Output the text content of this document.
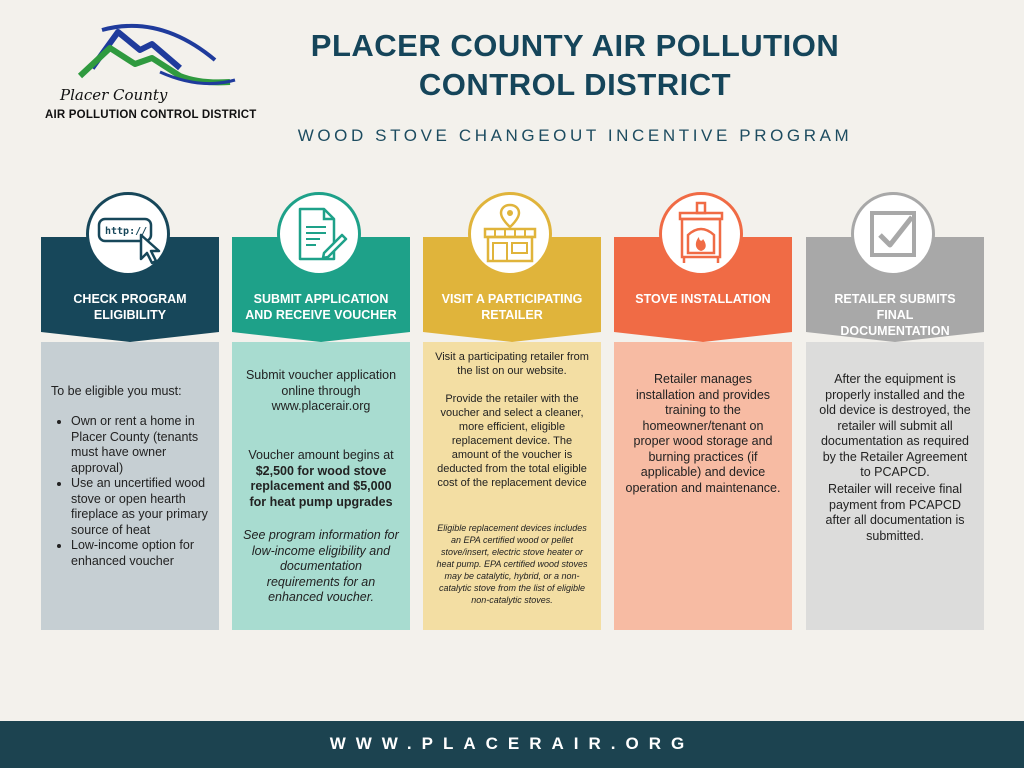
Placer County
AIR POLLUTION CONTROL DISTRICT
PLACER COUNTY AIR POLLUTION
CONTROL DISTRICT
WOOD STOVE CHANGEOUT INCENTIVE PROGRAM
To be eligible you must:
• Own or rent a home in Placer County (tenants must have owner approval)
• Use an uncertified wood stove or open hearth fireplace as your primary source of heat
• Low-income option for enhanced voucher
CHECK PROGRAM
ELIGIBILITY
http://
Submit voucher application online through www.placerair.org
Voucher amount begins at $2,500 for wood stove replacement and $5,000 for heat pump upgrades
See program information for low-income eligibility and documentation requirements for an enhanced voucher.
SUBMIT APPLICATION
AND RECEIVE VOUCHER
Visit a participating retailer from the list on our website.
Provide the retailer with the voucher and select a cleaner, more efficient, eligible replacement device. The amount of the voucher is deducted from the total eligible cost of the replacement device
Eligible replacement devices includes an EPA certified wood or pellet stove/insert, electric stove heater or heat pump. EPA certified wood stoves may be catalytic, hybrid, or a non-catalytic stove from the list of eligible non-catalytic stoves.
VISIT A PARTICIPATING
RETAILER
Retailer manages installation and provides training to the homeowner/tenant on proper wood storage and burning practices (if applicable) and device operation and maintenance.
STOVE INSTALLATION
After the equipment is properly installed and the old device is destroyed, the retailer will submit all documentation as required by the Retailer Agreement to PCAPCD.
Retailer will receive final payment from PCAPCD after all documentation is submitted.
RETAILER SUBMITS
FINAL
DOCUMENTATION
WWW.PLACERAIR.ORG
